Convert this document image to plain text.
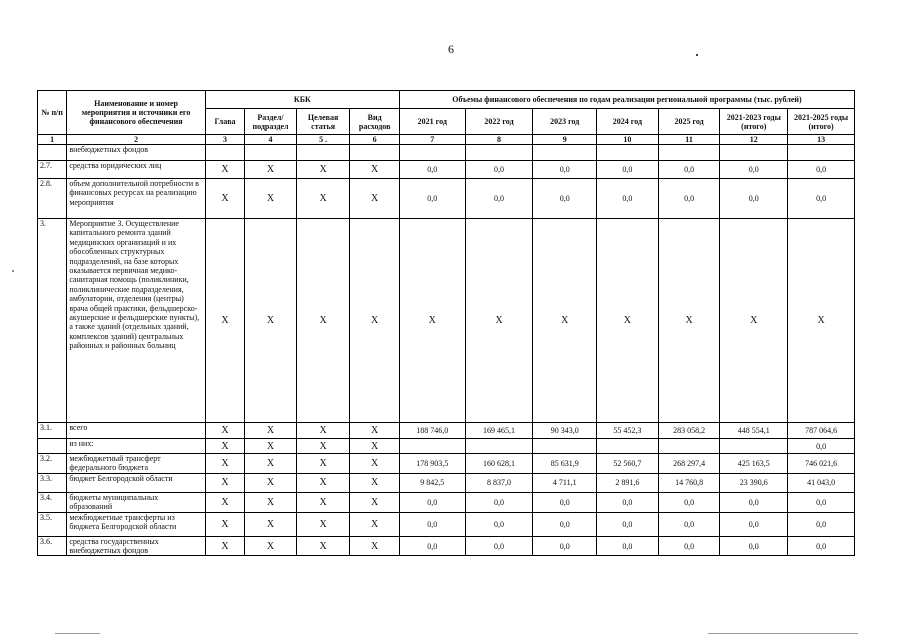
6
№ п/п	Наименование и номер мероприятия и источники его финансового обеспечения	КБК				Объемы финансового обеспечения по годам реализации региональной программы (тыс. рублей)						
		Глава	Раздел/ подраздел	Целевая статья	Вид расходов	2021 год	2022 год	2023 год	2024 год	2025 год	2021-2023 годы (итого)	2021-2025 годы (итого)
1	2	3	4	5 .	6	7	8	9	10	11	12	13
	внебюджетных фондов											
2.7.	средства юридических лиц	X	X	X	X	0,0	0,0	0,0	0,0	0,0	0,0	0,0
2.8.	объем дополнительной потребности в финансовых ресурсах на реализацию мероприятия	X	X	X	X	0,0	0,0	0,0	0,0	0,0	0,0	0,0
3.	Мероприятие 3. Осуществление капитального ремонта зданий медицинских организаций и их обособленных структурных подразделений, на базе которых оказывается первичная медико-санитарная помощь (поликлиники, поликлинические подразделения, амбулатории, отделения (центры) врача общей практики, фельдшерско-акушерские и фельдшерские пункты), а также зданий (отдельных зданий, комплексов зданий) центральных районных и районных больниц	X	X	X	X	X	X	X	X	X	X	X
3.1.	всего	X	X	X	X	188 746,0	169 465,1	90 343,0	55 452,3	283 058,2	448 554,1	787 064,6
	из них:	X	X	X	X							0,0
3.2.	межбюджетный трансферт федерального бюджета	X	X	X	X	178 903,5	160 628,1	85 631,9	52 560,7	268 297,4	425 163,5	746 021,6
3.3.	бюджет Белгородской области	X	X	X	X	9 842,5	8 837,0	4 711,1	2 891,6	14 760,8	23 390,6	41 043,0
3.4.	бюджеты муниципальных образований	X	X	X	X	0,0	0,0	0,0	0,0	0,0	0,0	0,0
3.5.	межбюджетные трансферты из бюджета Белгородской области	X	X	X	X	0,0	0,0	0,0	0,0	0,0	0,0	0,0
3.6.	средства государственных внебюджетных фондов	X	X	X	X	0,0	0,0	0,0	0,0	0,0	0,0	0,0
